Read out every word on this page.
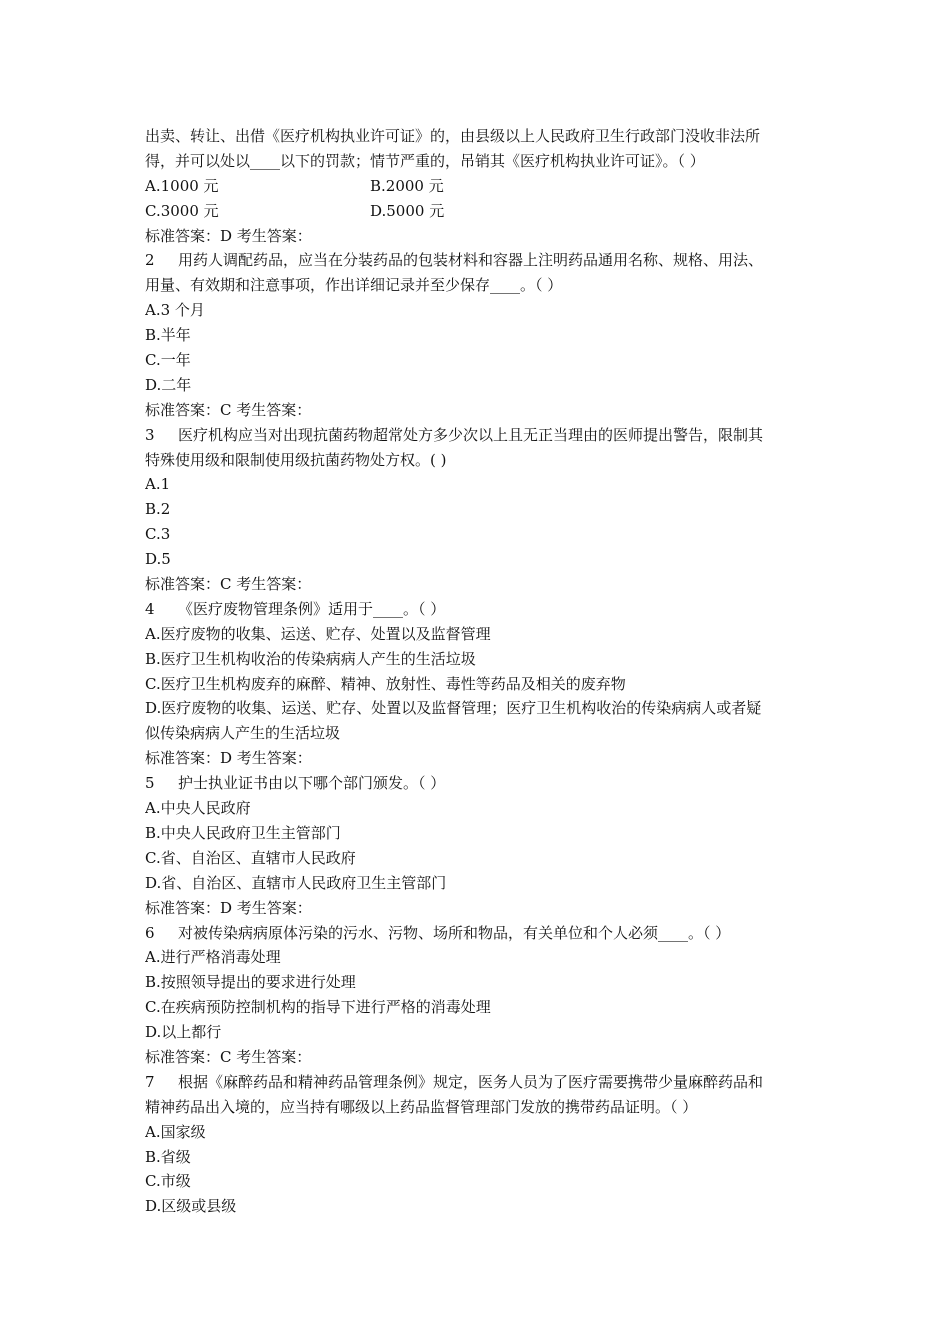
出卖、转让、出借《医疗机构执业许可证》的，由县级以上人民政府卫生行政部门没收非法所
得，并可以处以____以下的罚款；情节严重的，吊销其《医疗机构执业许可证》。（ ）
A.1000 元	B.2000 元
C.3000 元	D.5000 元
标准答案：D 考生答案：
2 用药人调配药品，应当在分装药品的包装材料和容器上注明药品通用名称、规格、用法、
用量、有效期和注意事项，作出详细记录并至少保存____。（ ）
A.3 个月
B.半年
C.一年
D.二年
标准答案：C 考生答案：
3 医疗机构应当对出现抗菌药物超常处方多少次以上且无正当理由的医师提出警告，限制其
特殊使用级和限制使用级抗菌药物处方权。( )
A.1
B.2
C.3
D.5
标准答案：C 考生答案：
4 《医疗废物管理条例》适用于____。（ ）
A.医疗废物的收集、运送、贮存、处置以及监督管理
B.医疗卫生机构收治的传染病病人产生的生活垃圾
C.医疗卫生机构废弃的麻醉、精神、放射性、毒性等药品及相关的废弃物
D.医疗废物的收集、运送、贮存、处置以及监督管理；医疗卫生机构收治的传染病病人或者疑
似传染病病人产生的生活垃圾
标准答案：D 考生答案：
5 护士执业证书由以下哪个部门颁发。（ ）
A.中央人民政府
B.中央人民政府卫生主管部门
C.省、自治区、直辖市人民政府
D.省、自治区、直辖市人民政府卫生主管部门
标准答案：D 考生答案：
6 对被传染病病原体污染的污水、污物、场所和物品，有关单位和个人必须____。（ ）
A.进行严格消毒处理
B.按照领导提出的要求进行处理
C.在疾病预防控制机构的指导下进行严格的消毒处理
D.以上都行
标准答案：C 考生答案：
7 根据《麻醉药品和精神药品管理条例》规定，医务人员为了医疗需要携带少量麻醉药品和
精神药品出入境的，应当持有哪级以上药品监督管理部门发放的携带药品证明。（ ）
A.国家级
B.省级
C.市级
D.区级或县级
